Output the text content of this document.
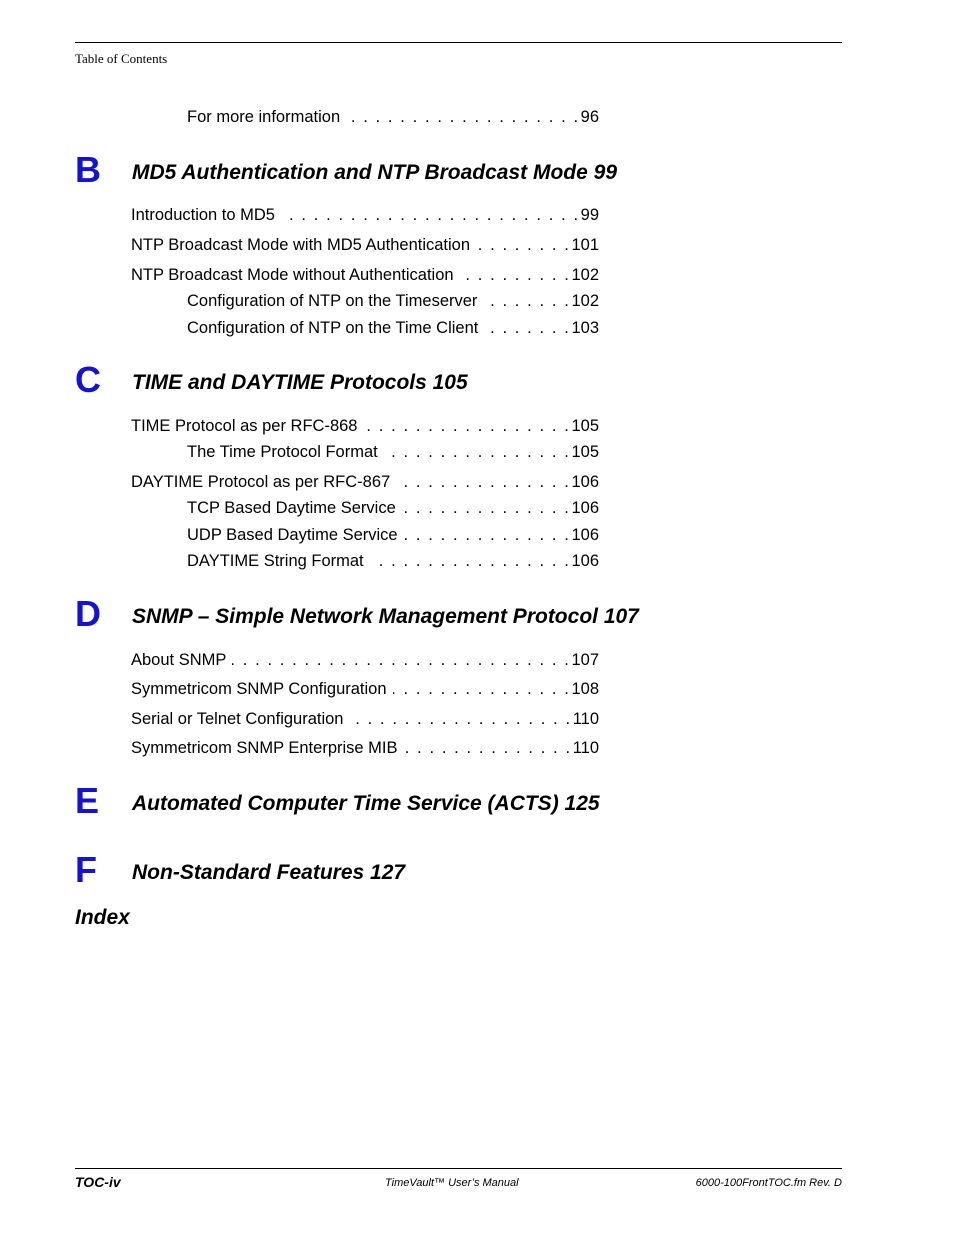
Table of Contents
For more information . . .	96
B MD5 Authentication and NTP Broadcast Mode 99
Introduction to MD5 . . .	99
NTP Broadcast Mode with MD5 Authentication . . .	101
NTP Broadcast Mode without Authentication . . .	102
Configuration of NTP on the Timeserver . . .	102
Configuration of NTP on the Time Client . . .	103
C TIME and DAYTIME Protocols 105
TIME Protocol as per RFC-868 . . .	105
The Time Protocol Format . . .	105
DAYTIME Protocol as per RFC-867 . . .	106
TCP Based Daytime Service . . .	106
UDP Based Daytime Service . . .	106
DAYTIME String Format . . .	106
D SNMP – Simple Network Management Protocol 107
About SNMP . . .	107
Symmetricom SNMP Configuration . . .	108
Serial or Telnet Configuration . . .	110
Symmetricom SNMP Enterprise MIB . . .	110
E Automated Computer Time Service (ACTS) 125
F Non-Standard Features 127
Index
TOC-iv	TimeVault™ User’s Manual	6000-100FrontTOC.fm Rev. D
